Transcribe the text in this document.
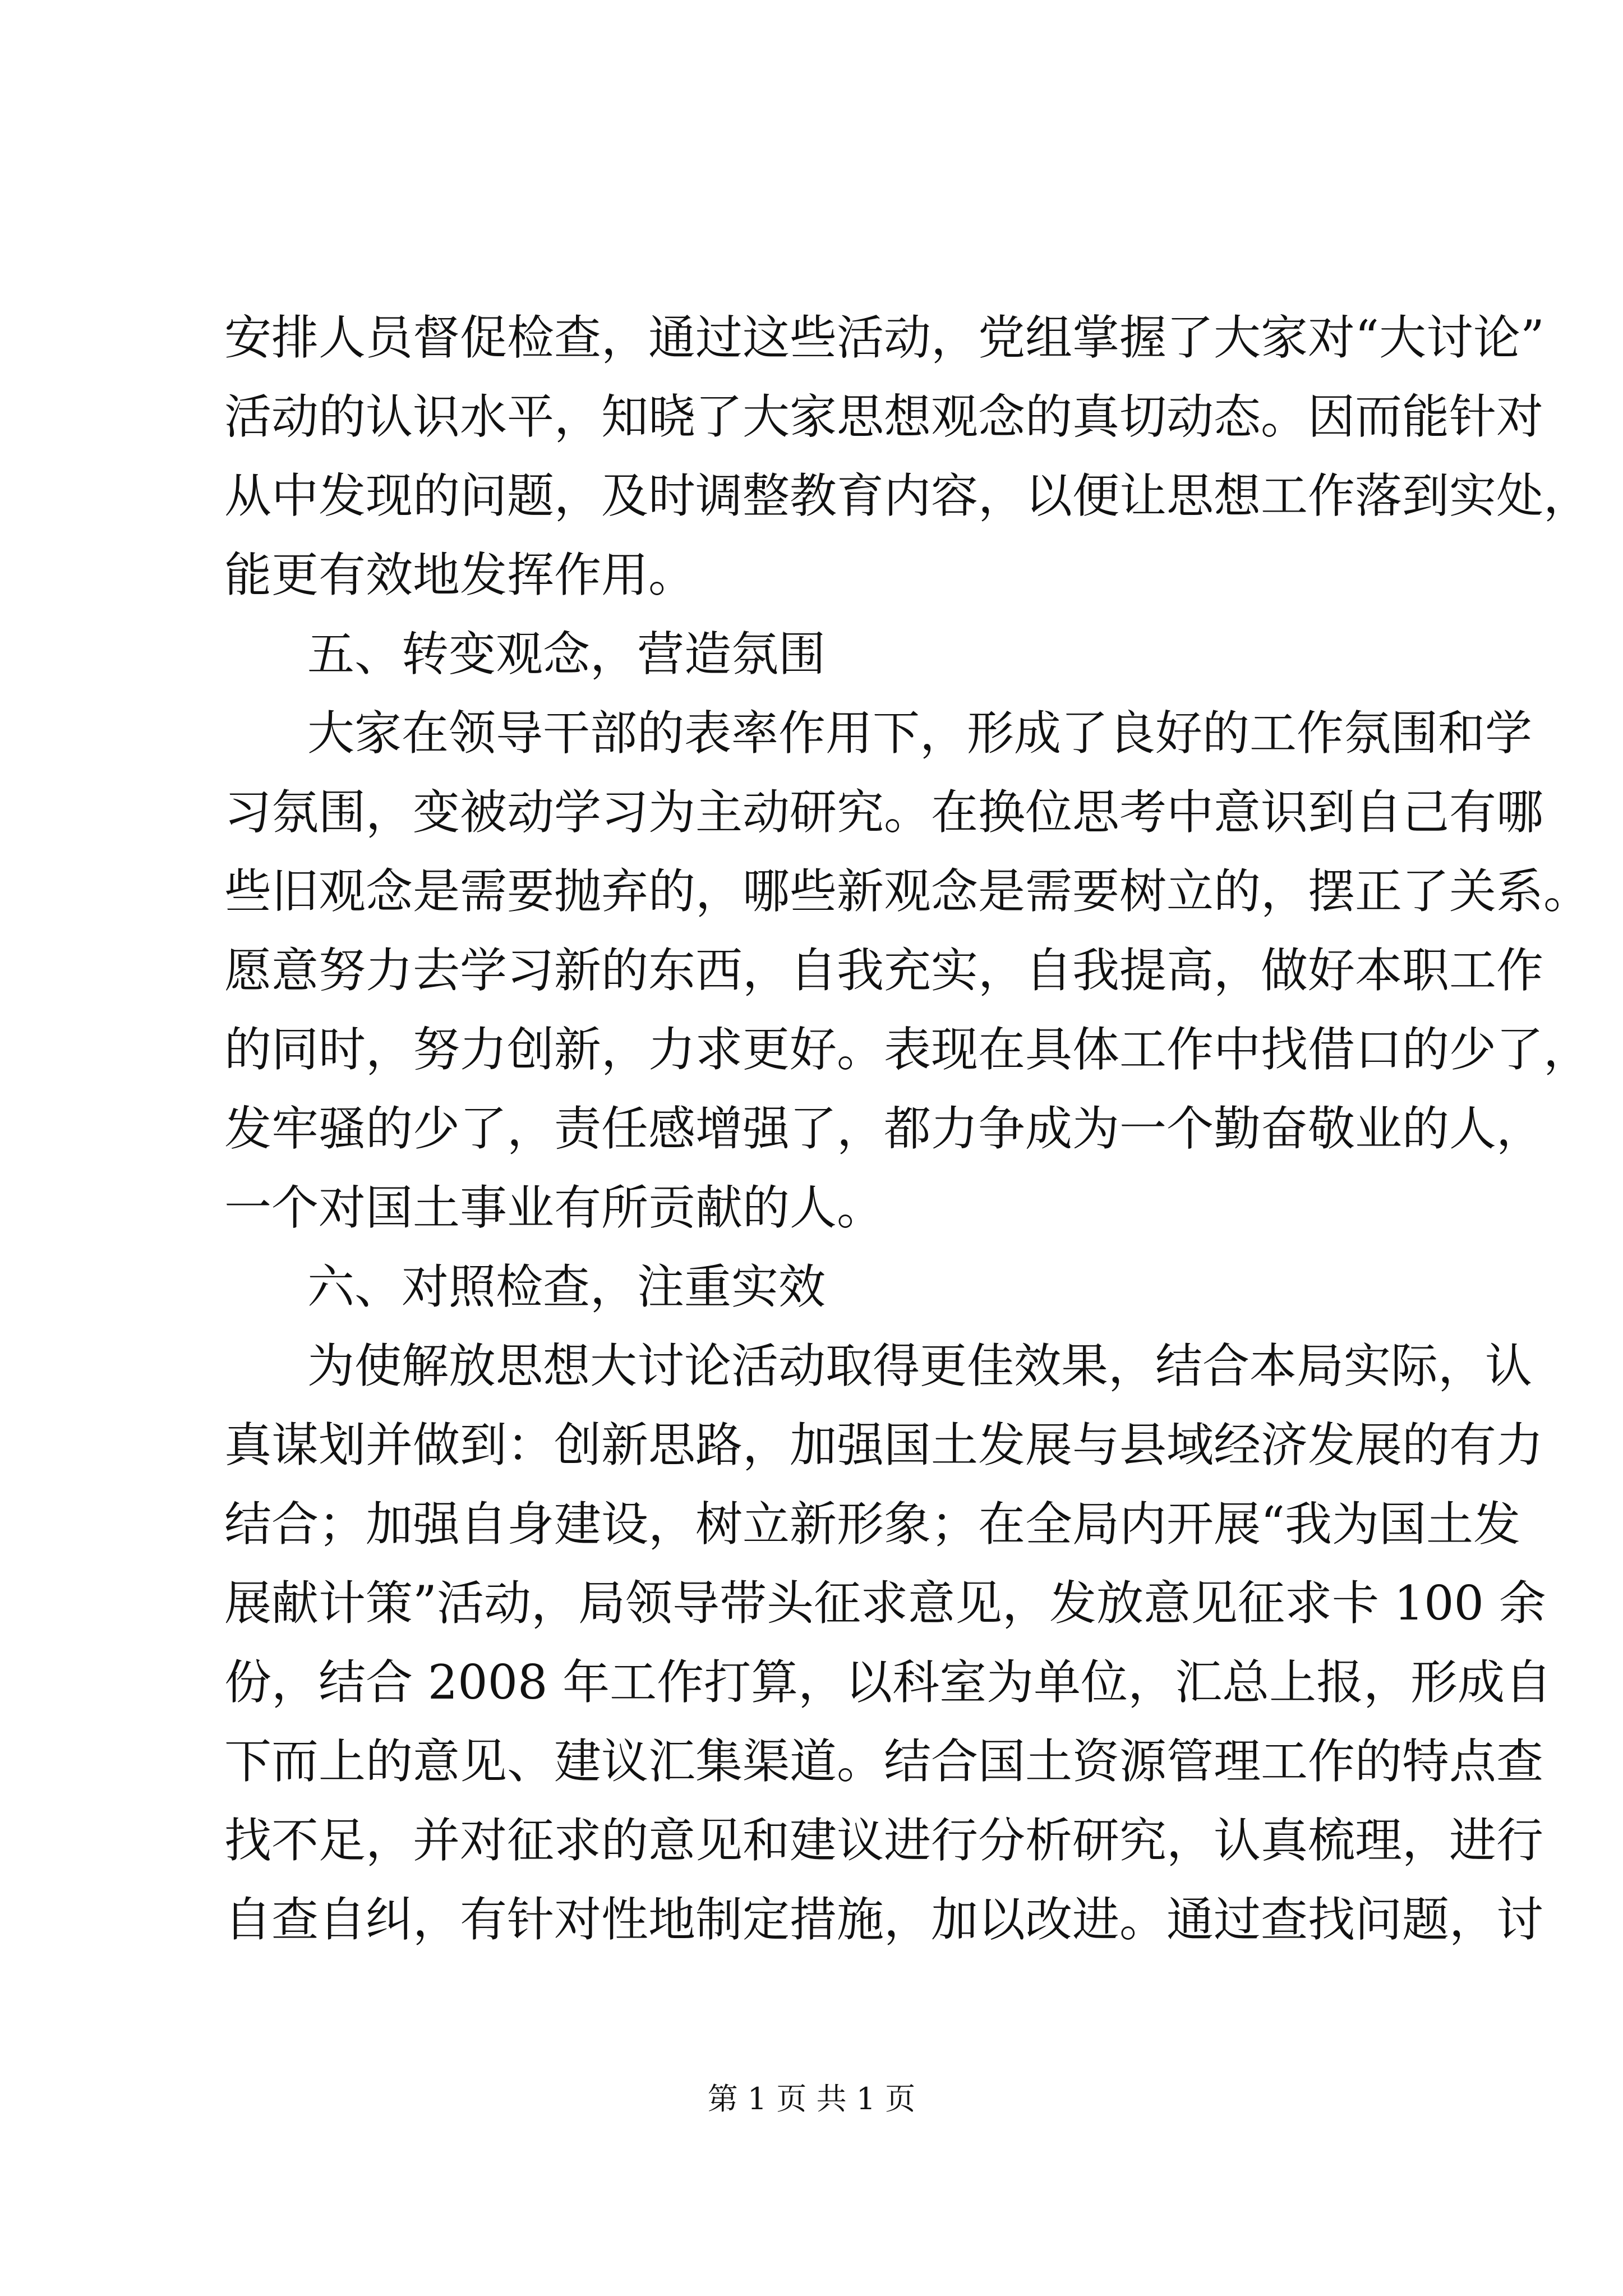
安排人员督促检查，通过这些活动，党组掌握了大家对“大讨论”
活动的认识水平，知晓了大家思想观念的真切动态。因而能针对
从中发现的问题，及时调整教育内容，以便让思想工作落到实处，
能更有效地发挥作用。
五、转变观念，营造氛围
大家在领导干部的表率作用下，形成了良好的工作氛围和学
习氛围，变被动学习为主动研究。在换位思考中意识到自己有哪
些旧观念是需要抛弃的，哪些新观念是需要树立的，摆正了关系。
愿意努力去学习新的东西，自我充实，自我提高，做好本职工作
的同时，努力创新，力求更好。表现在具体工作中找借口的少了，
发牢骚的少了，责任感增强了，都力争成为一个勤奋敬业的人，
一个对国土事业有所贡献的人。
六、对照检查，注重实效
为使解放思想大讨论活动取得更佳效果，结合本局实际，认
真谋划并做到：创新思路，加强国土发展与县域经济发展的有力
结合；加强自身建设，树立新形象；在全局内开展“我为国土发
展献计策”活动，局领导带头征求意见，发放意见征求卡 100 余
份，结合 2008 年工作打算，以科室为单位，汇总上报，形成自
下而上的意见、建议汇集渠道。结合国土资源管理工作的特点查
找不足，并对征求的意见和建议进行分析研究，认真梳理，进行
自查自纠，有针对性地制定措施，加以改进。通过查找问题，讨
第 1 页 共 1 页
